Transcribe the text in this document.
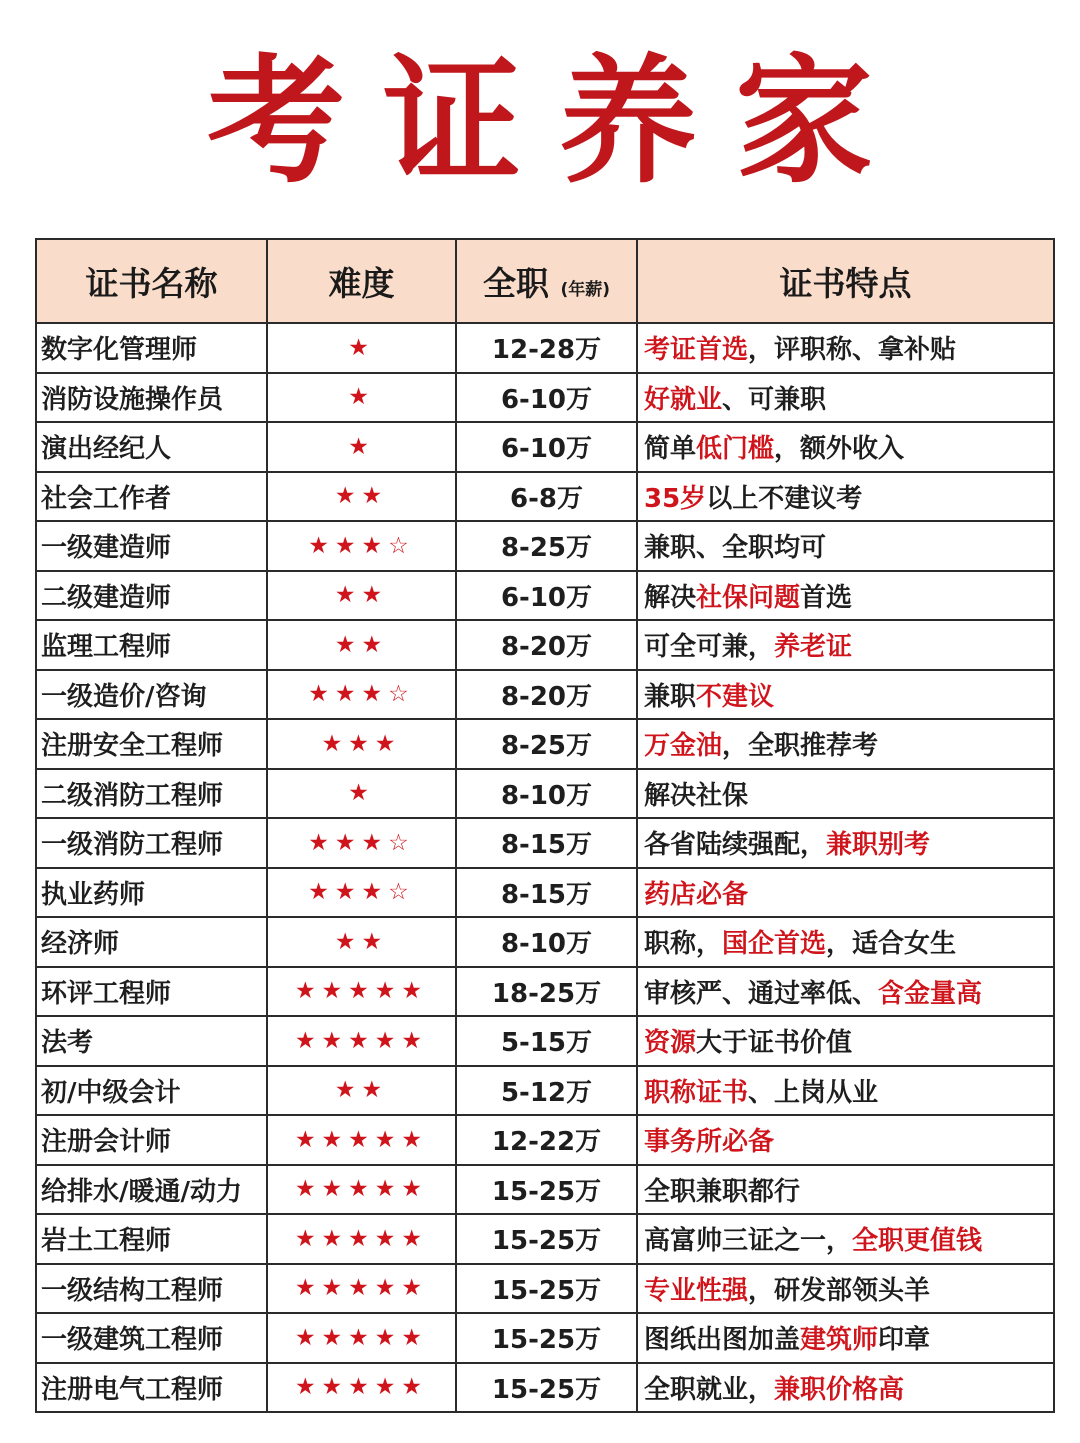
考证养家
证书名称	难度	全职 (年薪)	证书特点
数字化管理师	★	12-28万	考证首选，评职称、拿补贴
消防设施操作员	★	6-10万	好就业、可兼职
演出经纪人	★	6-10万	简单低门槛，额外收入
社会工作者	★★	6-8万	35岁以上不建议考
一级建造师	★★★☆	8-25万	兼职、全职均可
二级建造师	★★	6-10万	解决社保问题首选
监理工程师	★★	8-20万	可全可兼，养老证
一级造价/咨询	★★★☆	8-20万	兼职不建议
注册安全工程师	★★★	8-25万	万金油，全职推荐考
二级消防工程师	★	8-10万	解决社保
一级消防工程师	★★★☆	8-15万	各省陆续强配，兼职别考
执业药师	★★★☆	8-15万	药店必备
经济师	★★	8-10万	职称，国企首选，适合女生
环评工程师	★★★★★	18-25万	审核严、通过率低、含金量高
法考	★★★★★	5-15万	资源大于证书价值
初/中级会计	★★	5-12万	职称证书、上岗从业
注册会计师	★★★★★	12-22万	事务所必备
给排水/暖通/动力	★★★★★	15-25万	全职兼职都行
岩土工程师	★★★★★	15-25万	高富帅三证之一，全职更值钱
一级结构工程师	★★★★★	15-25万	专业性强，研发部领头羊
一级建筑工程师	★★★★★	15-25万	图纸出图加盖建筑师印章
注册电气工程师	★★★★★	15-25万	全职就业，兼职价格高
